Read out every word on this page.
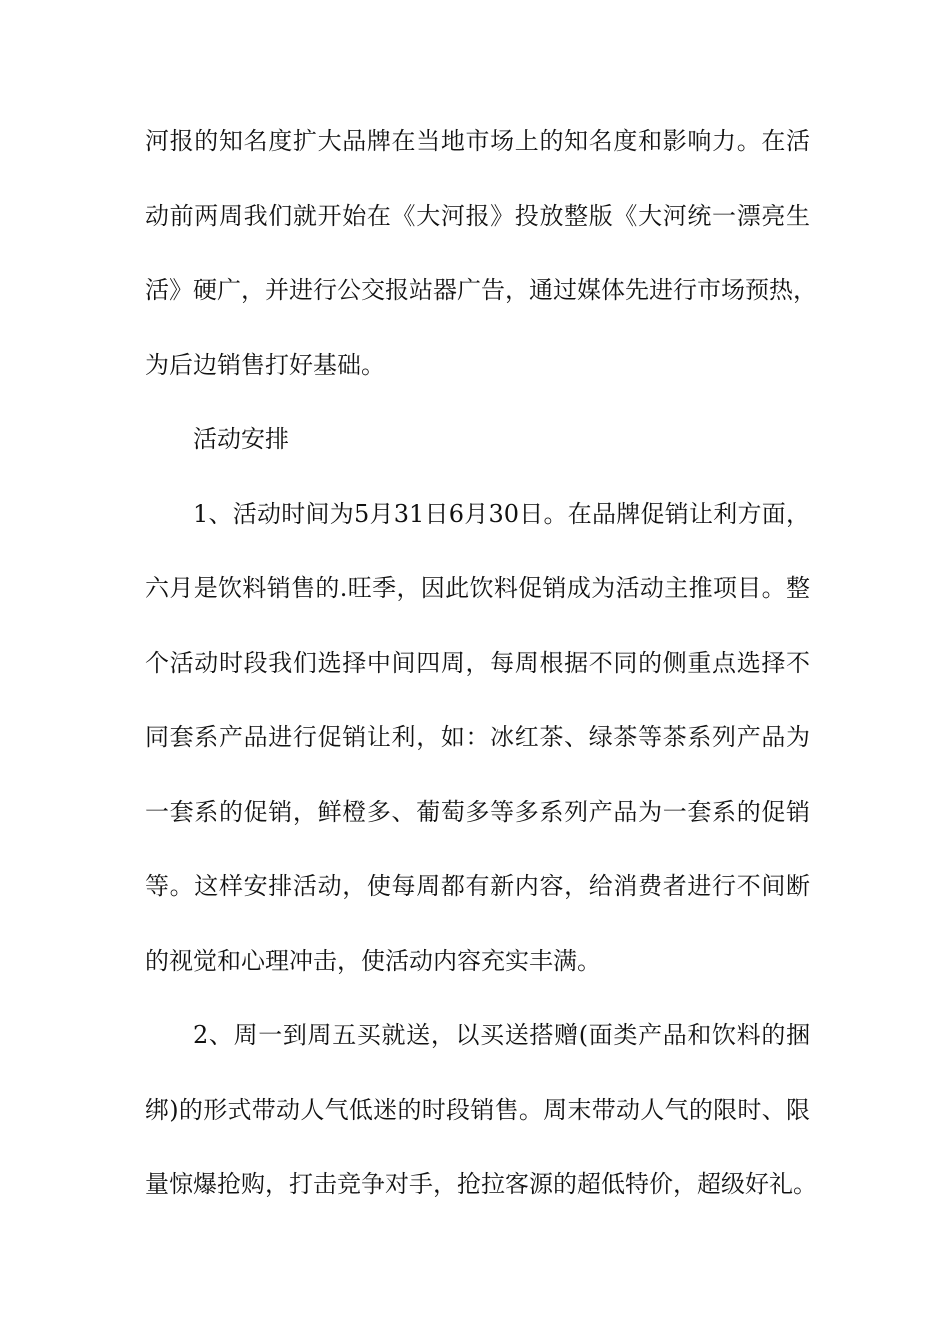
河报的知名度扩大品牌在当地市场上的知名度和影响力。在活
动前两周我们就开始在《大河报》投放整版《大河统一漂亮生
活》硬广，并进行公交报站器广告，通过媒体先进行市场预热，
为后边销售打好基础。
活动安排
1、活动时间为5月31日6月30日。在品牌促销让利方面，
六月是饮料销售的.旺季，因此饮料促销成为活动主推项目。整
个活动时段我们选择中间四周，每周根据不同的侧重点选择不
同套系产品进行促销让利，如：冰红茶、绿茶等茶系列产品为
一套系的促销，鲜橙多、葡萄多等多系列产品为一套系的促销
等。这样安排活动，使每周都有新内容，给消费者进行不间断
的视觉和心理冲击，使活动内容充实丰满。
2、周一到周五买就送，以买送搭赠(面类产品和饮料的捆
绑)的形式带动人气低迷的时段销售。周末带动人气的限时、限
量惊爆抢购，打击竞争对手，抢拉客源的超低特价，超级好礼。
